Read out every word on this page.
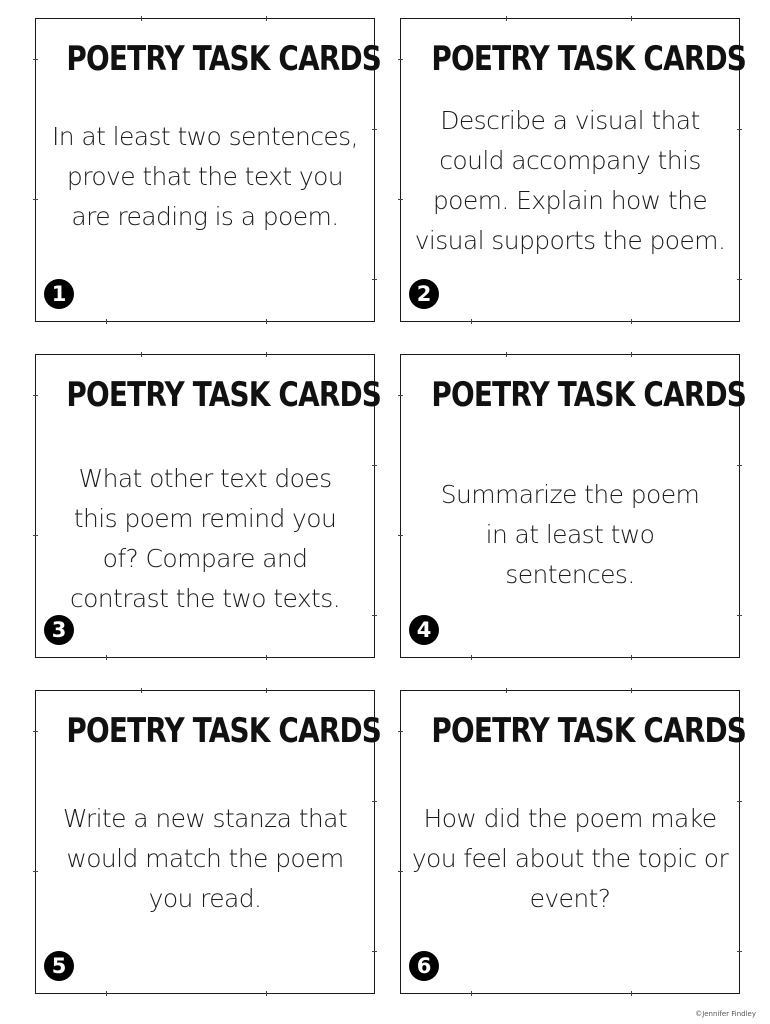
POETRY TASK CARDS
In at least two sentences, prove that the text you are reading is a poem.
1
POETRY TASK CARDS
Describe a visual that could accompany this poem. Explain how the visual supports the poem.
2
POETRY TASK CARDS
What other text does this poem remind you of? Compare and contrast the two texts.
3
POETRY TASK CARDS
Summarize the poem in at least two sentences.
4
POETRY TASK CARDS
Write a new stanza that would match the poem you read.
5
POETRY TASK CARDS
How did the poem make you feel about the topic or event?
6
©Jennifer Findley
